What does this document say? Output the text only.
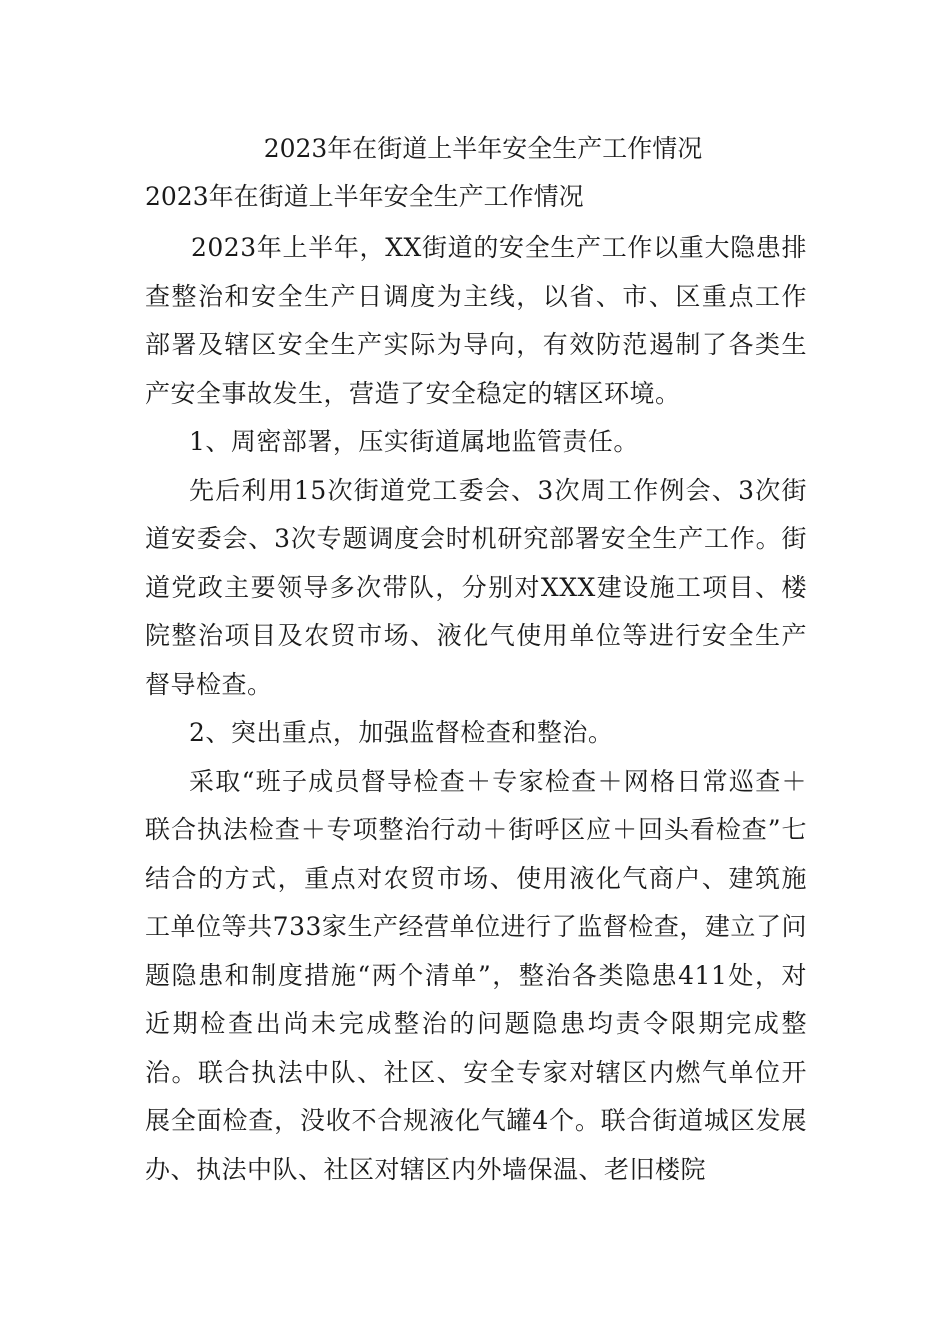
2023年在街道上半年安全生产工作情况

2023年在街道上半年安全生产工作情况

2023年上半年，XX街道的安全生产工作以重大隐患排查整治和安全生产日调度为主线，以省、市、区重点工作部署及辖区安全生产实际为导向，有效防范遏制了各类生产安全事故发生，营造了安全稳定的辖区环境。

1、周密部署，压实街道属地监管责任。

先后利用15次街道党工委会、3次周工作例会、3次街道安委会、3次专题调度会时机研究部署安全生产工作。街道党政主要领导多次带队，分别对XXX建设施工项目、楼院整治项目及农贸市场、液化气使用单位等进行安全生产督导检查。

2、突出重点，加强监督检查和整治。

采取“班子成员督导检查＋专家检查＋网格日常巡查＋联合执法检查＋专项整治行动＋街呼区应＋回头看检查”七结合的方式，重点对农贸市场、使用液化气商户、建筑施工单位等共733家生产经营单位进行了监督检查，建立了问题隐患和制度措施“两个清单”，整治各类隐患411处，对近期检查出尚未完成整治的问题隐患均责令限期完成整治。联合执法中队、社区、安全专家对辖区内燃气单位开展全面检查，没收不合规液化气罐4个。联合街道城区发展办、执法中队、社区对辖区内外墙保温、老旧楼院
